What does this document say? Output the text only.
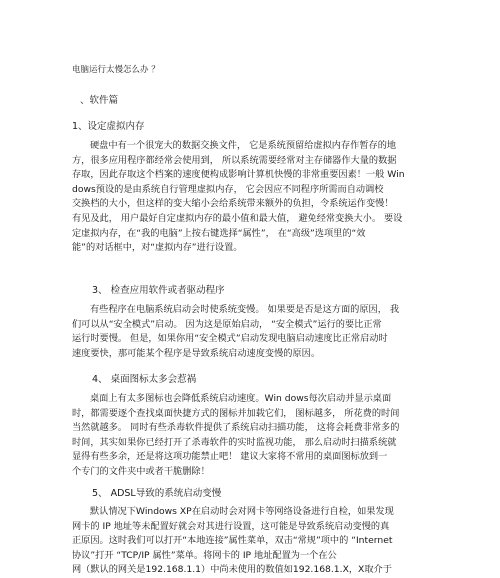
电脑运行太慢怎么办 ？
、软件篇
1、设定虚拟内存
硬盘中有一个很宠大的数据交换文件， 它是系统预留给虚拟内存作暂存的地
方，很多应用程序都经常会使用到， 所以系统需要经常对主存储器作大量的数据
存取，因此存取这个档案的速度便构成影响计算机快慢的非常重要因素！一般 Win
dows预设的是由系统自行管理虚拟内存， 它会因应不同程序所需而自动调校
交换档的大小，但这样的变大缩小会给系统带来额外的负担，令系统运作变慢！
有见及此， 用户最好自定虚拟内存的最小值和最大值， 避免经常变换大小。 要设
定虚拟内存，在“我的电脑”上按右键选择“属性”， 在“高级”选项里的“效
能”的对话框中，对“虚拟内存”进行设置。
3、 检查应用软件或者驱动程序
有些程序在电脑系统启动会时使系统变慢。 如果要是否是这方面的原因， 我
们可以从“安全模式”启动。 因为这是原始启动， “安全模式”运行的要比正常
运行时要慢。 但是，如果你用“安全模式”启动发现电脑启动速度比正常启动时
速度要快，那可能某个程序是导致系统启动速度变慢的原因。
4、 桌面图标太多会惹祸
桌面上有太多图标也会降低系统启动速度。Win dows每次启动并显示桌面
时，都需要逐个查找桌面快捷方式的图标并加载它们， 图标越多， 所花费的时间
当然就越多。 同时有些杀毒软件提供了系统启动扫描功能， 这将会耗费非常多的
时间，其实如果你已经打开了杀毒软件的实时监视功能， 那么启动时扫描系统就
显得有些多余，还是将这项功能禁止吧！ 建议大家将不常用的桌面图标放到一
个专门的文件夹中或者干脆删除！
5、 ADSL导致的系统启动变慢
默认情况下Windows XP在启动时会对网卡等网络设备进行自检，如果发现
网卡的 IP 地址等未配置好就会对其进行设置，这可能是导致系统启动变慢的真
正原因。这时我们可以打开“本地连接”属性菜单，双击“常规”项中的 “Internet
协议”打开 “TCP/IP 属性”菜单。将网卡的 IP 地址配置为一个在公
网（默认的网关是192.168.1.1）中尚未使用的数值如192.168.1.X，X取介于
